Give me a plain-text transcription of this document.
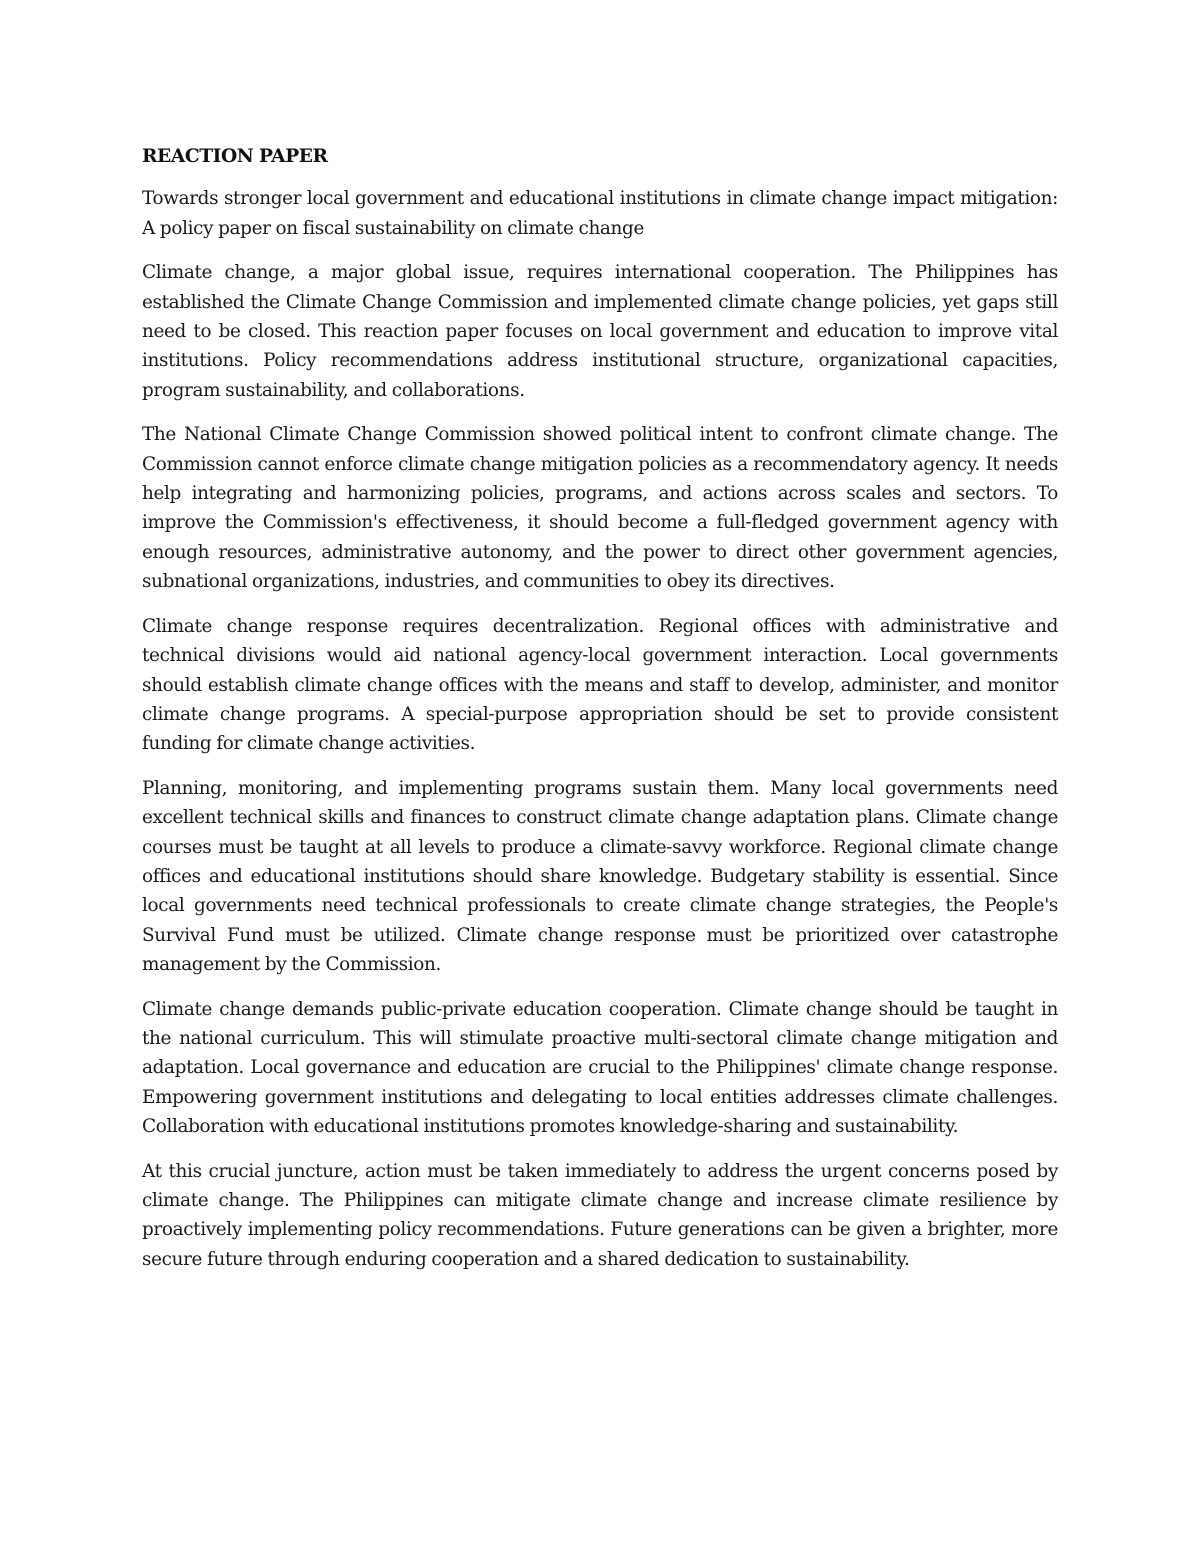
REACTION PAPER

Towards stronger local government and educational institutions in climate change impact mitigation: A policy paper on fiscal sustainability on climate change

Climate change, a major global issue, requires international cooperation. The Philippines has established the Climate Change Commission and implemented climate change policies, yet gaps still need to be closed. This reaction paper focuses on local government and education to improve vital institutions. Policy recommendations address institutional structure, organizational capacities, program sustainability, and collaborations.

The National Climate Change Commission showed political intent to confront climate change. The Commission cannot enforce climate change mitigation policies as a recommendatory agency. It needs help integrating and harmonizing policies, programs, and actions across scales and sectors. To improve the Commission's effectiveness, it should become a full-fledged government agency with enough resources, administrative autonomy, and the power to direct other government agencies, subnational organizations, industries, and communities to obey its directives.

Climate change response requires decentralization. Regional offices with administrative and technical divisions would aid national agency-local government interaction. Local governments should establish climate change offices with the means and staff to develop, administer, and monitor climate change programs. A special-purpose appropriation should be set to provide consistent funding for climate change activities.

Planning, monitoring, and implementing programs sustain them. Many local governments need excellent technical skills and finances to construct climate change adaptation plans. Climate change courses must be taught at all levels to produce a climate-savvy workforce. Regional climate change offices and educational institutions should share knowledge. Budgetary stability is essential. Since local governments need technical professionals to create climate change strategies, the People's Survival Fund must be utilized. Climate change response must be prioritized over catastrophe management by the Commission.

Climate change demands public-private education cooperation. Climate change should be taught in the national curriculum. This will stimulate proactive multi-sectoral climate change mitigation and adaptation. Local governance and education are crucial to the Philippines' climate change response. Empowering government institutions and delegating to local entities addresses climate challenges. Collaboration with educational institutions promotes knowledge-sharing and sustainability.

At this crucial juncture, action must be taken immediately to address the urgent concerns posed by climate change. The Philippines can mitigate climate change and increase climate resilience by proactively implementing policy recommendations. Future generations can be given a brighter, more secure future through enduring cooperation and a shared dedication to sustainability.
